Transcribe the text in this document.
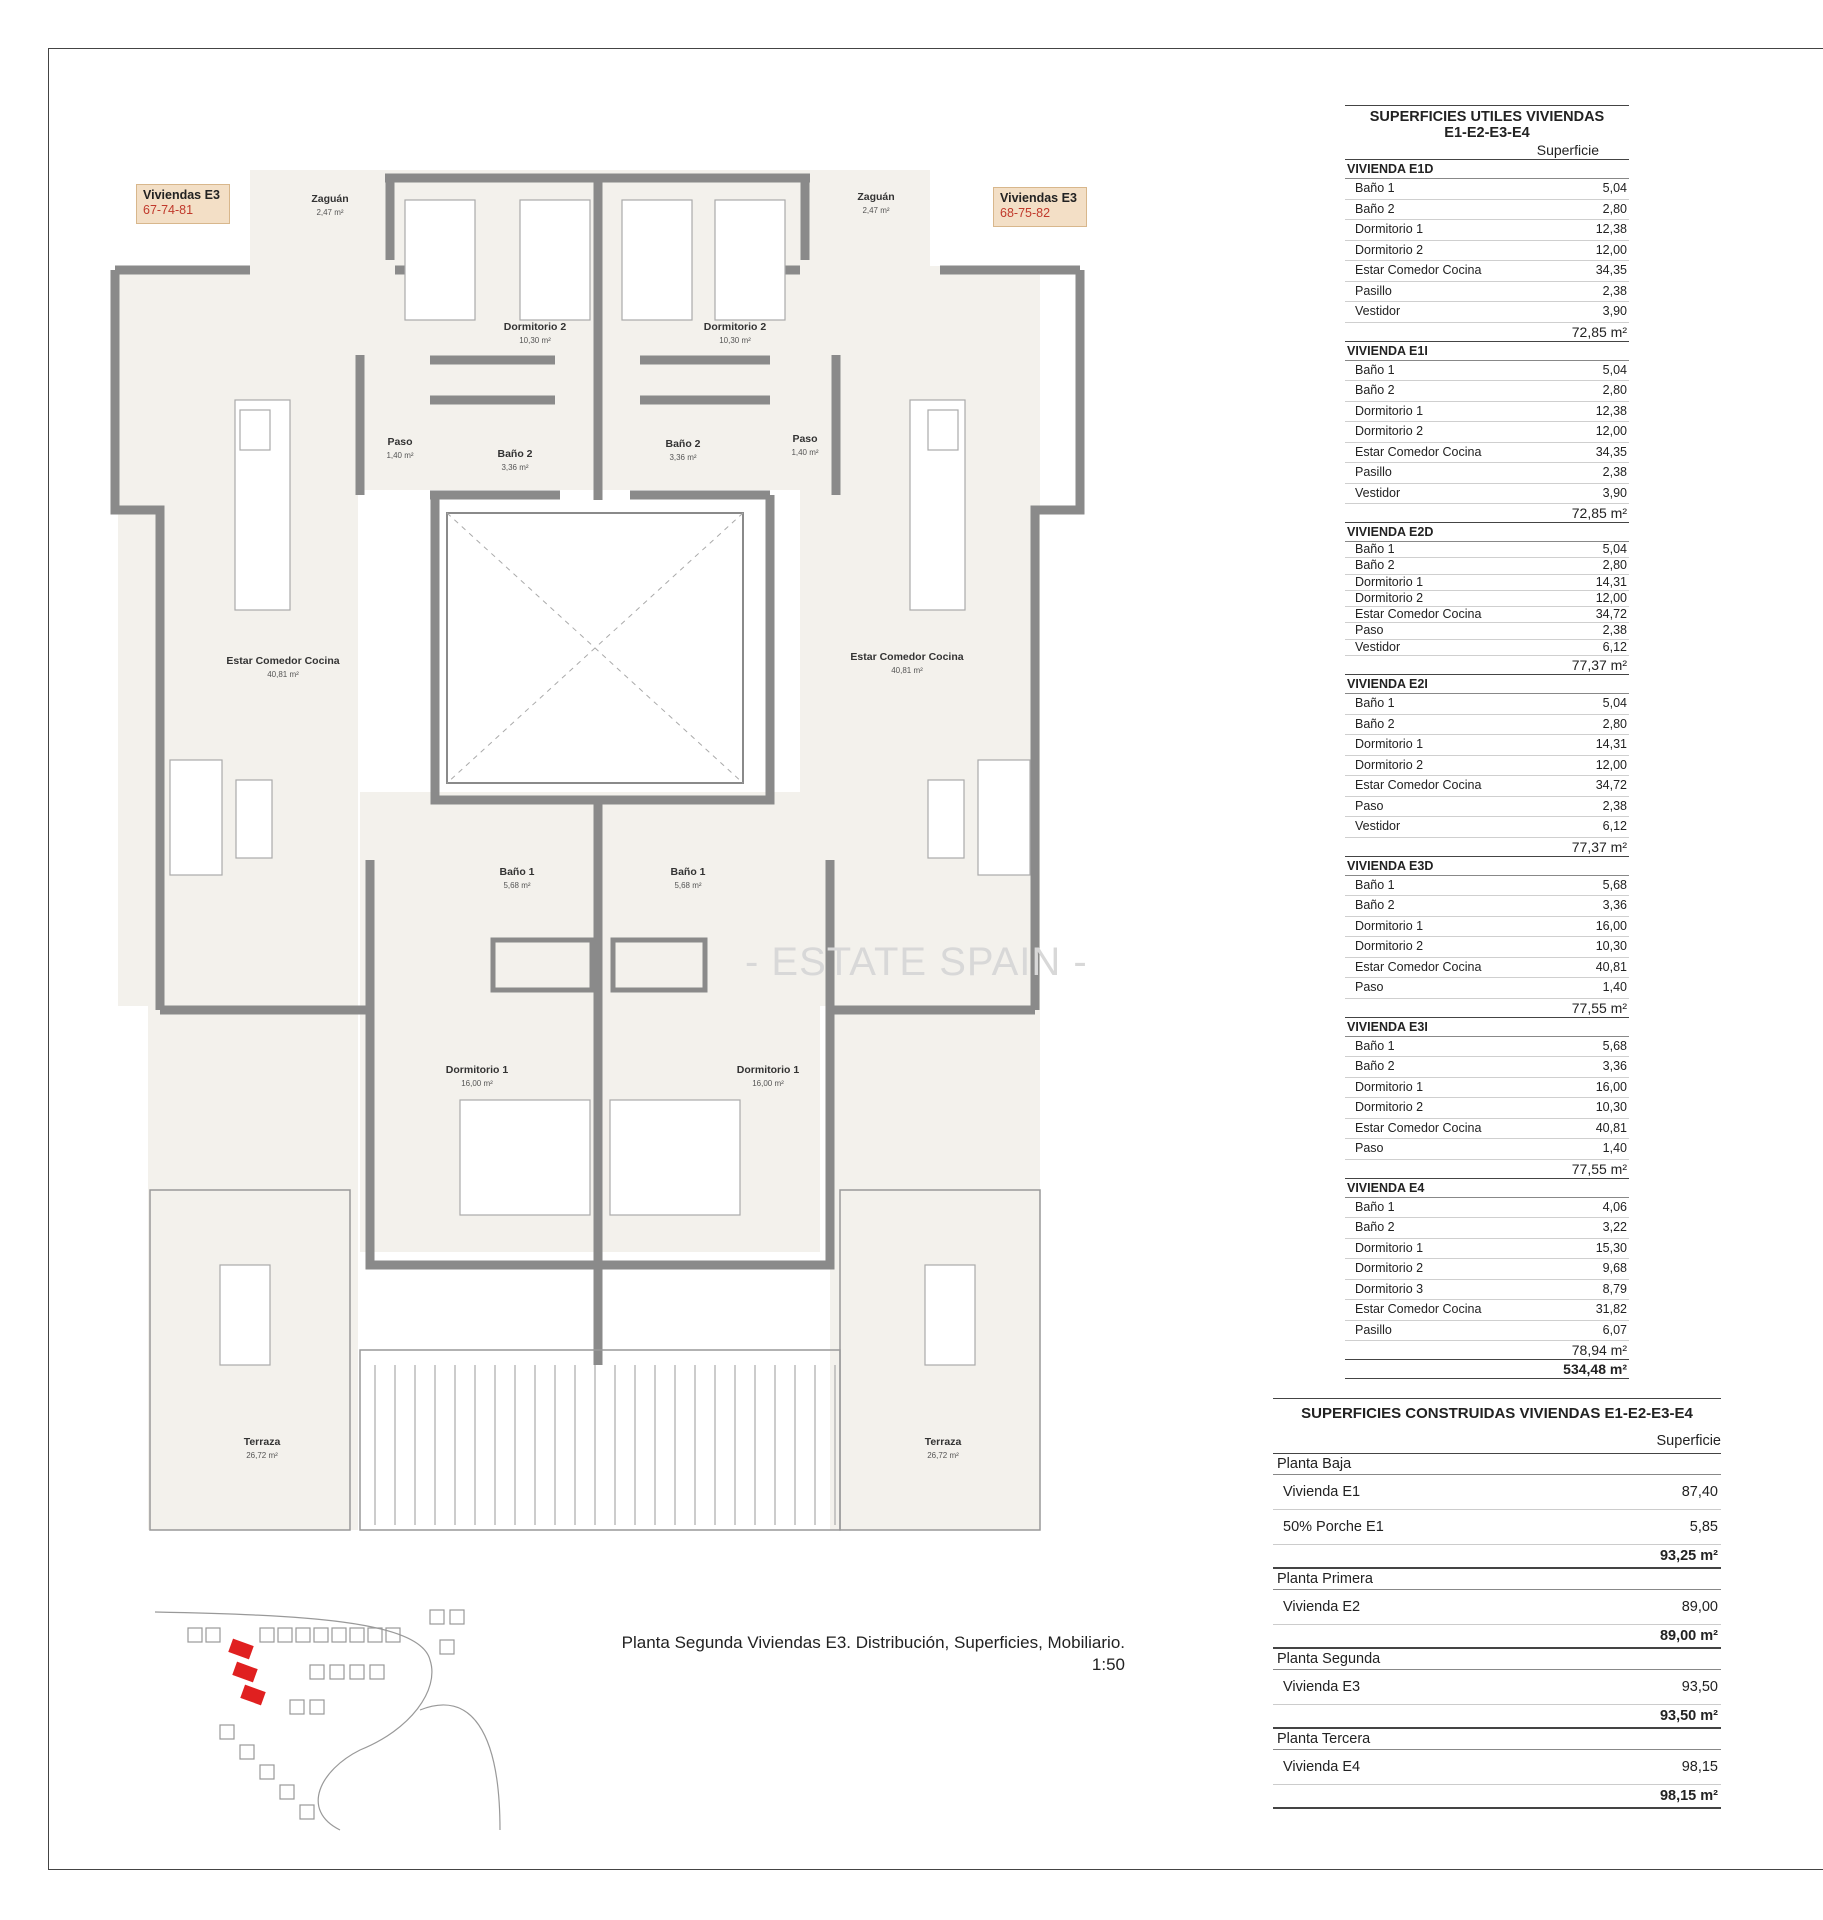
Zaguán
2,47 m²
Zaguán
2,47 m²
Dormitorio 2
10,30 m²
Dormitorio 2
10,30 m²
Paso
1,40 m²	Baño 2
3,36 m²
Baño 2
3,36 m²
Paso
1,40 m²
Estar Comedor Cocina
40,81 m²
Estar Comedor Cocina
40,81 m²
Baño 1
5,68 m²
Baño 1
5,68 m²
Dormitorio 1
16,00 m²
Dormitorio 1
16,00 m²
Terraza
26,72 m²
Terraza
26,72 m²
Viviendas E3
67-74-81
Viviendas E3
68-75-82
- ESTATE SPAIN -
Planta Segunda Viviendas E3. Distribución, Superficies, Mobiliario.
1:50
SUPERFICIES UTILES VIVIENDAS
E1-E2-E3-E4
Superficie
VIVIENDA E1D
Baño 1	5,04
Baño 2	2,80
Dormitorio 1	12,38
Dormitorio 2	12,00
Estar Comedor Cocina	34,35
Pasillo	2,38
Vestidor	3,90
72,85 m²
VIVIENDA E1I
Baño 1	5,04
Baño 2	2,80
Dormitorio 1	12,38
Dormitorio 2	12,00
Estar Comedor Cocina	34,35
Pasillo	2,38
Vestidor	3,90
72,85 m²
VIVIENDA E2D
Baño 1	5,04
Baño 2	2,80
Dormitorio 1	14,31
Dormitorio 2	12,00
Estar Comedor Cocina	34,72
Paso	2,38
Vestidor	6,12
77,37 m²
VIVIENDA E2I
Baño 1	5,04
Baño 2	2,80
Dormitorio 1	14,31
Dormitorio 2	12,00
Estar Comedor Cocina	34,72
Paso	2,38
Vestidor	6,12
77,37 m²
VIVIENDA E3D
Baño 1	5,68
Baño 2	3,36
Dormitorio 1	16,00
Dormitorio 2	10,30
Estar Comedor Cocina	40,81
Paso	1,40
77,55 m²
VIVIENDA E3I
Baño 1	5,68
Baño 2	3,36
Dormitorio 1	16,00
Dormitorio 2	10,30
Estar Comedor Cocina	40,81
Paso	1,40
77,55 m²
VIVIENDA E4
Baño 1	4,06
Baño 2	3,22
Dormitorio 1	15,30
Dormitorio 2	9,68
Dormitorio 3	8,79
Estar Comedor Cocina	31,82
Pasillo	6,07
78,94 m²
534,48 m²
SUPERFICIES CONSTRUIDAS VIVIENDAS E1-E2-E3-E4
Superficie
Planta Baja
Vivienda E1	87,40
50% Porche E1	5,85
93,25 m²
Planta Primera
Vivienda E2	89,00
89,00 m²
Planta Segunda
Vivienda E3	93,50
93,50 m²
Planta Tercera
Vivienda E4	98,15
98,15 m²
